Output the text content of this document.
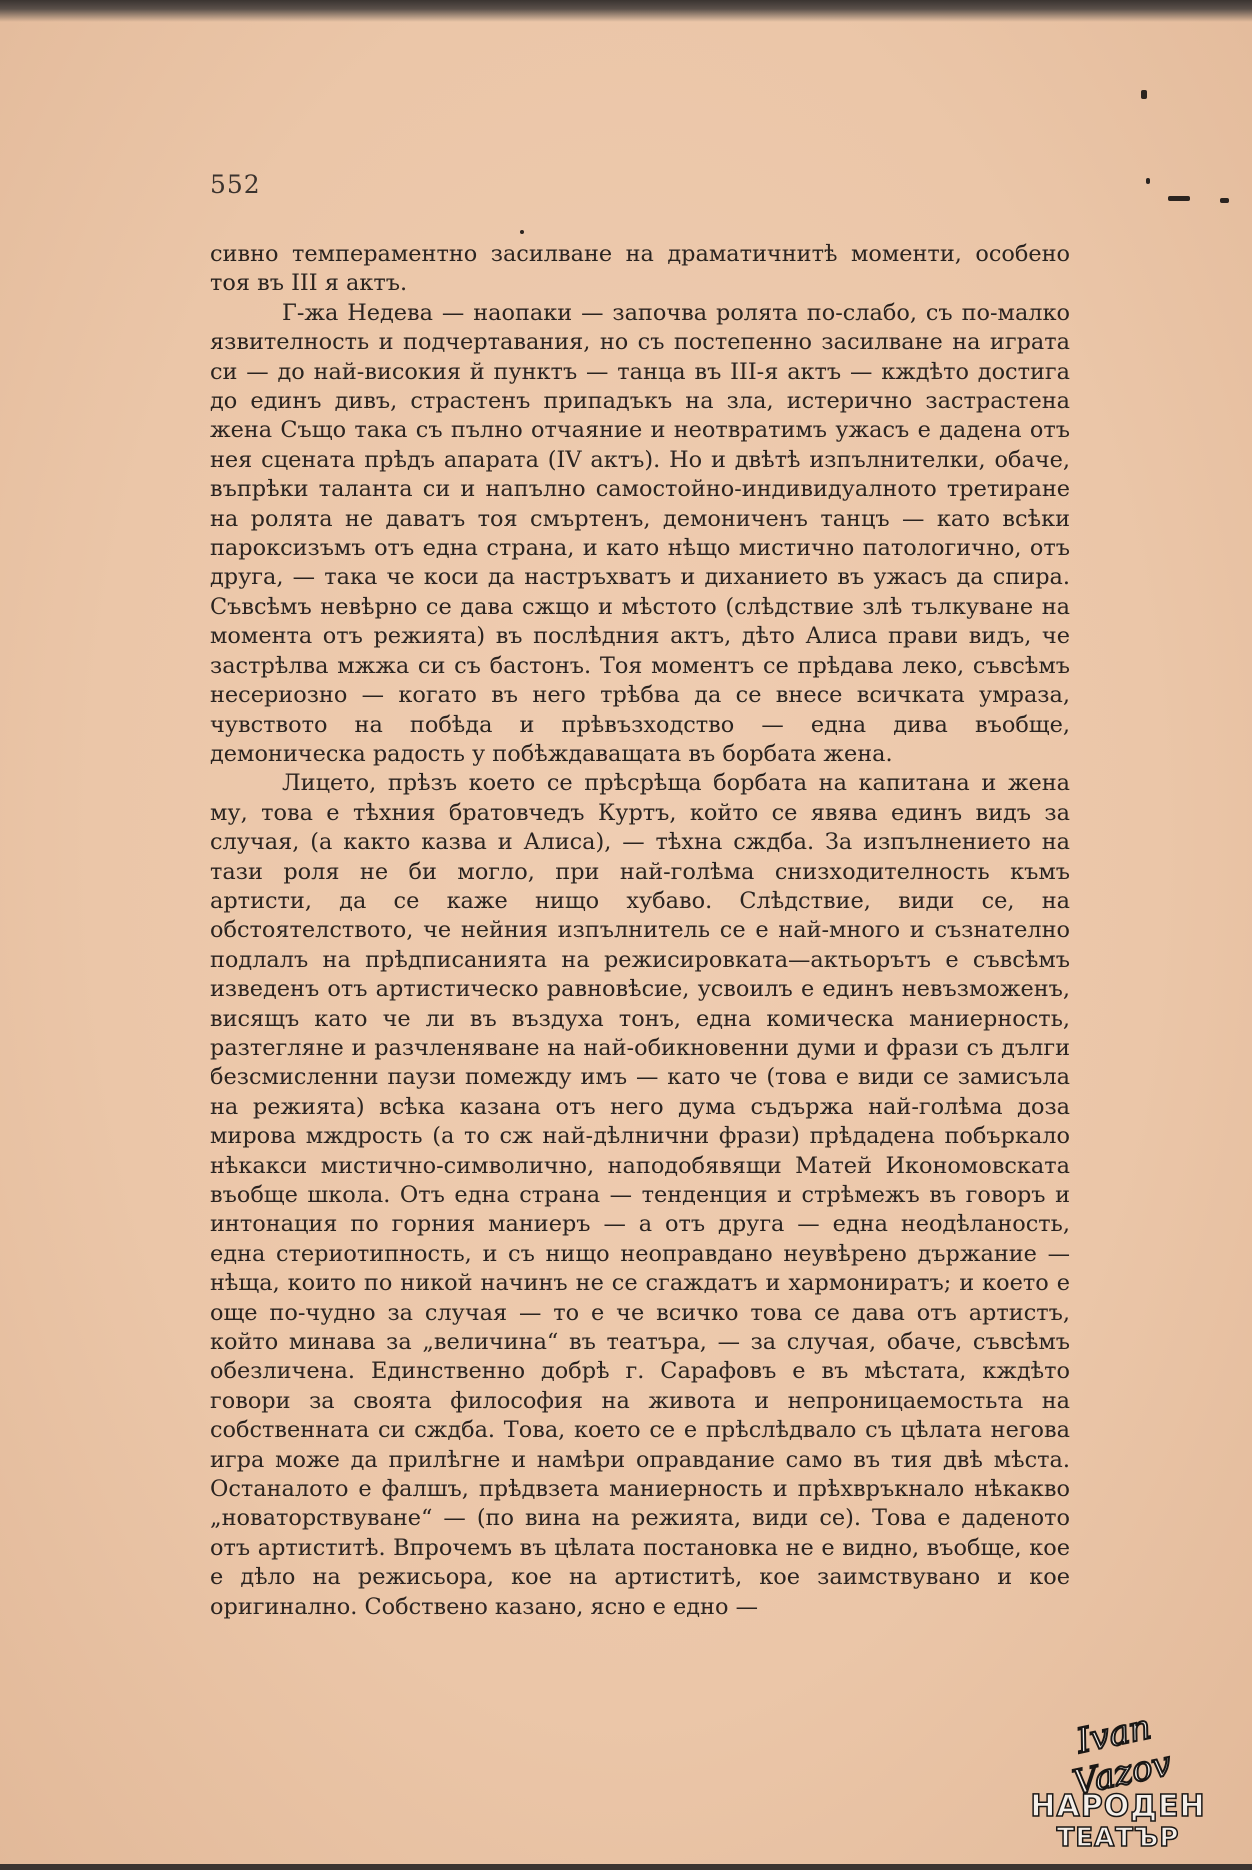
552

сивно темпераментно засилване на драматичнитѣ моменти, особено тоя въ III я актъ.

Г-жа Недева — наопаки — започва ролята по-слабо, съ по-малко язвителность и подчертавания, но съ постепенно засилване на играта си — до най-високия й пунктъ — танца въ III-я актъ — кждѣто достига до единъ дивъ, страстенъ припадъкъ на зла, истерично застрастена жена Също така съ пълно отчаяние и неотвратимъ ужасъ е дадена отъ нея сцената прѣдъ апарата (IV актъ). Но и двѣтѣ изпълнителки, обаче, въпрѣки таланта си и напълно самостойно-индивидуалното третиране на ролята не даватъ тоя смъртенъ, демониченъ танцъ — като всѣки пароксизъмъ отъ една страна, и като нѣщо мистично патологично, отъ друга, — така че коси да настръхватъ и диханието въ ужасъ да спира. Съвсѣмъ невѣрно се дава сжщо и мѣстото (слѣдствие злѣ тълкуване на момента отъ режията) въ послѣдния актъ, дѣто Алиса прави видъ, че застрѣлва мжжа си съ бастонъ. Тоя моментъ се прѣдава леко, съвсѣмъ несериозно — когато въ него трѣбва да се внесе всичката умраза, чувството на побѣда и прѣвъзходство — една дива въобще, демоническа радость у побѣждаващата въ борбата жена.

Лицето, прѣзъ което се прѣсрѣща борбата на капитана и жена му, това е тѣхния братовчедъ Куртъ, който се явява единъ видъ за случая, (а както казва и Алиса), — тѣхна сждба. За изпълнението на тази роля не би могло, при най-голѣма снизходителность къмъ артисти, да се каже нищо хубаво. Слѣдствие, види се, на обстоятелството, че нейния изпълнитель се е най-много и съзнателно подлалъ на прѣдписанията на режисировката—актьорътъ е съвсѣмъ изведенъ отъ артистическо равновѣсие, усвоилъ е единъ невъзможенъ, висящъ като че ли въ въздуха тонъ, една комическа маниерность, разтегляне и разчленяване на най-обикновенни думи и фрази съ дълги безсмисленни паузи помежду имъ — като че (това е види се замисъла на режията) всѣка казана отъ него дума съдържа най-голѣма доза мирова мждрость (а то сж най-дѣлнични фрази) прѣдадена побъркало нѣкакси мистично-символично, наподобявящи Матей Икономовската въобще школа. Отъ една страна — тенденция и стрѣмежъ въ говоръ и интонация по горния маниеръ — а отъ друга — една неодѣланость, една стериотипность, и съ нищо неоправдано неувѣрено държание — нѣща, които по никой начинъ не се сгаждатъ и хармониратъ; и което е още по-чудно за случая — то е че всичко това се дава отъ артистъ, който минава за „величина“ въ театъра, — за случая, обаче, съвсѣмъ обезличена. Единственно добрѣ г. Сарафовъ е въ мѣстата, кждѣто говори за своята философия на живота и непроницаемостьта на собственната си сждба. Това, което се е прѣслѣдвало съ цѣлата негова игра може да прилѣгне и намѣри оправдание само въ тия двѣ мѣста. Останалото е фалшъ, прѣдвзета маниерность и прѣхвръкнало нѣкакво „новаторствуване“ — (по вина на режията, види се). Това е даденото отъ артиститѣ. Впрочемъ въ цѣлата постановка не е видно, въобще, кое е дѣло на режисьора, кое на артиститѣ, кое заимствувано и кое оригинално. Собствено казано, ясно е едно —

Ivan Vazov
НАРОДЕН
ТЕАТЪР
